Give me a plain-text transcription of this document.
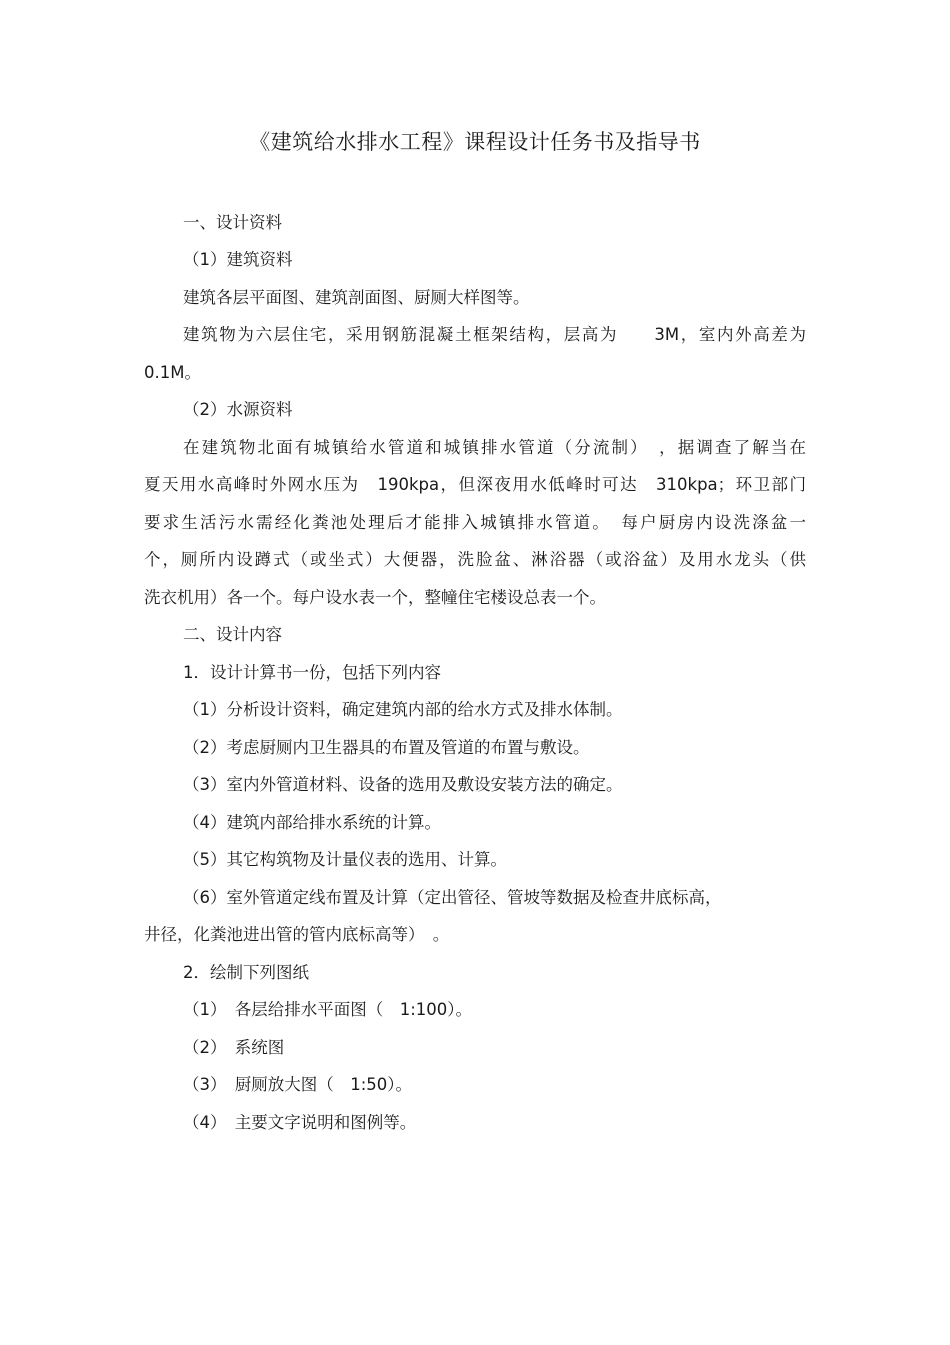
《建筑给水排水工程》课程设计任务书及指导书
一、设计资料
（1）建筑资料
建筑各层平面图、建筑剖面图、厨厕大样图等。
建筑物为六层住宅，采用钢筋混凝土框架结构，层高为　　3M，室内外高差为
0.1M。
（2）水源资料
在建筑物北面有城镇给水管道和城镇排水管道（分流制）　，据调查了解当在
夏天用水高峰时外网水压为　190kpa，但深夜用水低峰时可达　310kpa；环卫部门
要求生活污水需经化粪池处理后才能排入城镇排水管道。　每户厨房内设洗涤盆一
个，厕所内设蹲式（或坐式）大便器，洗脸盆、淋浴器（或浴盆）及用水龙头（供
洗衣机用）各一个。每户设水表一个，整幢住宅楼设总表一个。
二、设计内容
1．设计计算书一份，包括下列内容
（1）分析设计资料，确定建筑内部的给水方式及排水体制。
（2）考虑厨厕内卫生器具的布置及管道的布置与敷设。
（3）室内外管道材料、设备的选用及敷设安装方法的确定。
（4）建筑内部给排水系统的计算。
（5）其它构筑物及计量仪表的选用、计算。
（6）室外管道定线布置及计算（定出管径、管坡等数据及检查井底标高，
井径，化粪池进出管的管内底标高等）　。
2．绘制下列图纸
（1）　各层给排水平面图（　1:100）。
（2）　系统图
（3）　厨厕放大图（　1:50）。
（4）　主要文字说明和图例等。
